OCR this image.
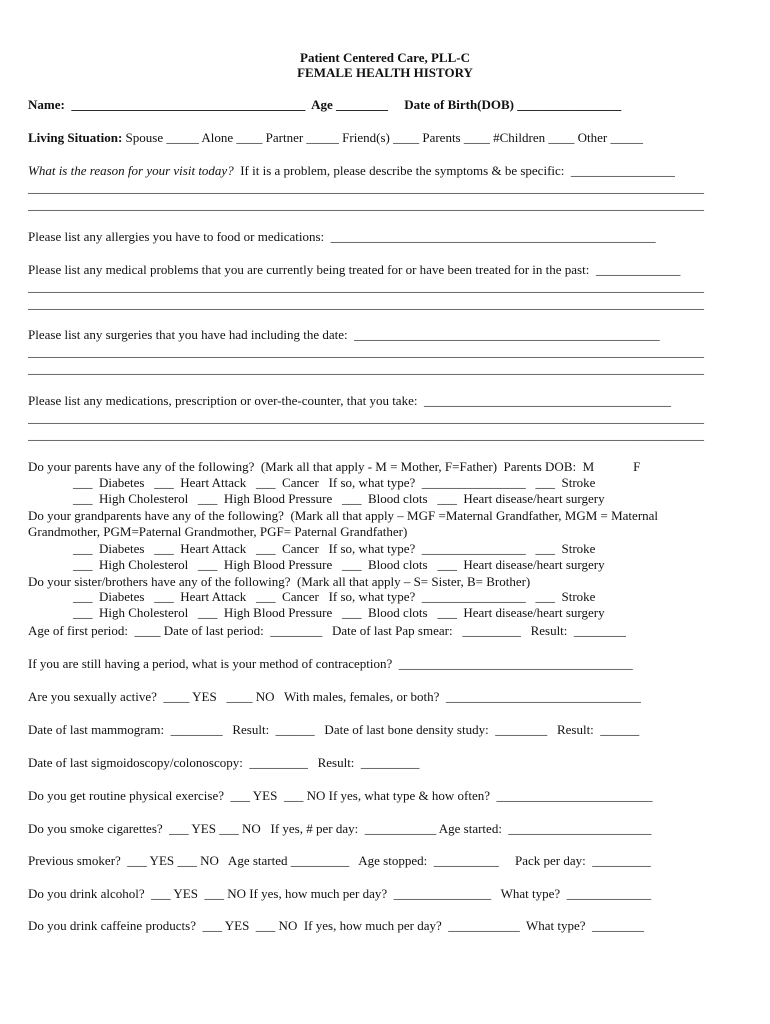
Patient Centered Care, PLL-C
FEMALE HEALTH HISTORY
Name:  ____________________________________  Age ________     Date of Birth(DOB) ________________
Living Situation: Spouse _____ Alone ____ Partner _____ Friend(s) ____ Parents ____ #Children ____ Other _____
What is the reason for your visit today?  If it is a problem, please describe the symptoms & be specific:  ________________
________________________________________________________________________________________________________
________________________________________________________________________________________________________
Please list any allergies you have to food or medications:  __________________________________________________
Please list any medical problems that you are currently being treated for or have been treated for in the past:  _____________
________________________________________________________________________________________________________
________________________________________________________________________________________________________
Please list any surgeries that you have had including the date:  _______________________________________________
________________________________________________________________________________________________________
________________________________________________________________________________________________________
Please list any medications, prescription or over-the-counter, that you take:  ______________________________________
________________________________________________________________________________________________________
________________________________________________________________________________________________________
Do your parents have any of the following?  (Mark all that apply - M = Mother, F=Father)  Parents DOB:  M            F
___  Diabetes   ___  Heart Attack   ___  Cancer   If so, what type?  ________________   ___  Stroke
___  High Cholesterol   ___  High Blood Pressure   ___  Blood clots   ___  Heart disease/heart surgery
Do your grandparents have any of the following?  (Mark all that apply – MGF =Maternal Grandfather, MGM = Maternal
Grandmother, PGM=Paternal Grandmother, PGF= Paternal Grandfather)
___  Diabetes   ___  Heart Attack   ___  Cancer   If so, what type?  ________________   ___  Stroke
___  High Cholesterol   ___  High Blood Pressure   ___  Blood clots   ___  Heart disease/heart surgery
Do your sister/brothers have any of the following?  (Mark all that apply – S= Sister, B= Brother)
___  Diabetes   ___  Heart Attack   ___  Cancer   If so, what type?  ________________   ___  Stroke
___  High Cholesterol   ___  High Blood Pressure   ___  Blood clots   ___  Heart disease/heart surgery
Age of first period:  ____ Date of last period:  ________   Date of last Pap smear:   _________   Result:  ________
If you are still having a period, what is your method of contraception?  ____________________________________
Are you sexually active?  ____ YES   ____ NO   With males, females, or both?  ______________________________
Date of last mammogram:  ________   Result:  ______   Date of last bone density study:  ________   Result:  ______
Date of last sigmoidoscopy/colonoscopy:  _________   Result:  _________
Do you get routine physical exercise?  ___ YES  ___ NO If yes, what type & how often?  ________________________
Do you smoke cigarettes?  ___ YES ___ NO   If yes, # per day:  ___________ Age started:  ______________________
Previous smoker?  ___ YES ___ NO   Age started _________   Age stopped:  __________     Pack per day:  _________
Do you drink alcohol?  ___ YES  ___ NO If yes, how much per day?  _______________   What type?  _____________
Do you drink caffeine products?  ___ YES  ___ NO  If yes, how much per day?  ___________  What type?  ________
